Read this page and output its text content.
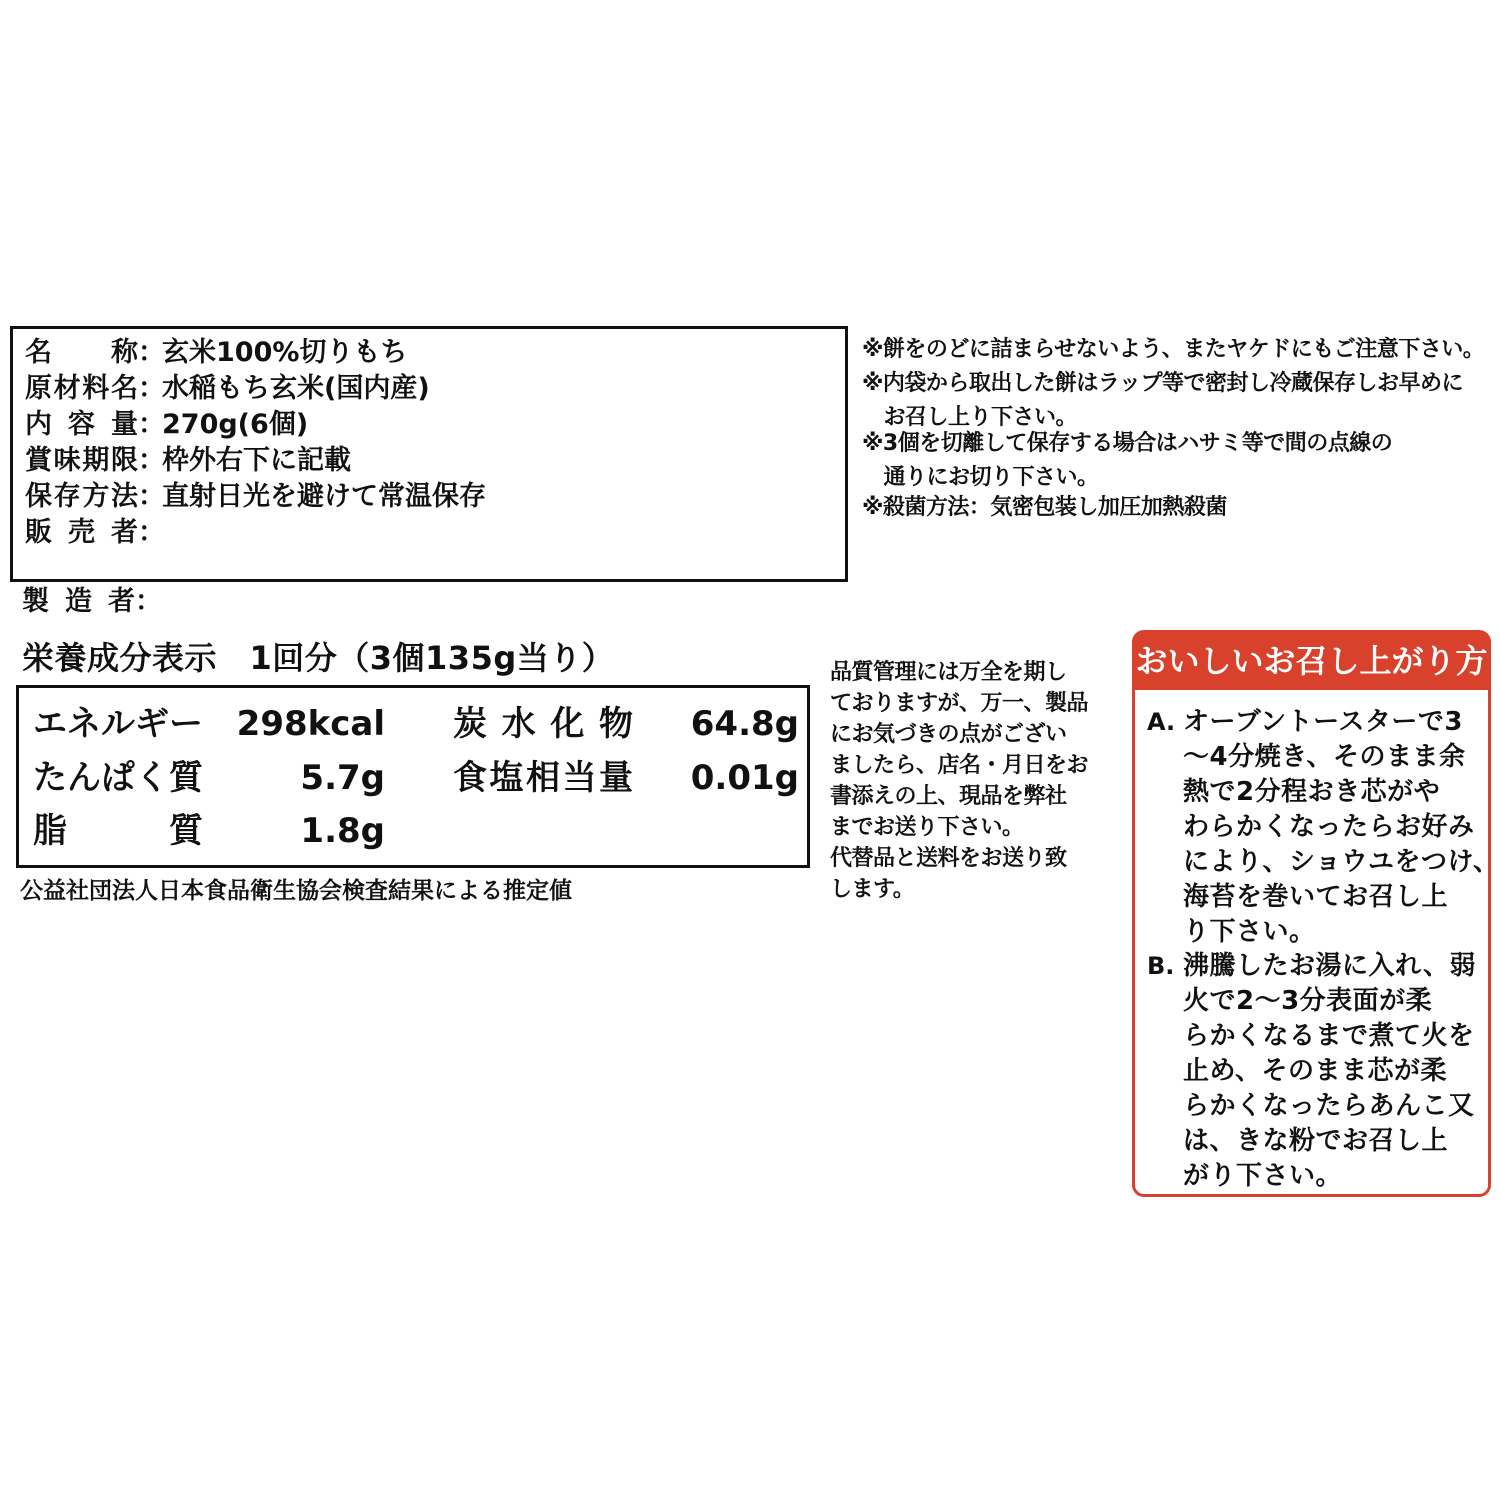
名　称：玄米100%切りもち
原材料名：水稲もち玄米(国内産)
内容量：270g(6個)
賞味期限：枠外右下に記載
保存方法：直射日光を避けて常温保存
販売者：
製造者：
※餅をのどに詰まらせないよう、またヤケドにもご注意下さい。
※内袋から取出した餅はラップ等で密封し冷蔵保存しお早めに
　お召し上り下さい。
※3個を切離して保存する場合はハサミ等で間の点線の
　通りにお切り下さい。
※殺菌方法：気密包装し加圧加熱殺菌
栄養成分表示　1回分（3個135g当り）
エネルギー 298kcal 炭水化物	64.8g
たんぱく質	5.7g 食塩相当量	0.01g
脂質	1.8g
公益社団法人日本食品衛生協会検査結果による推定値
品質管理には万全を期し
ておりますが、万一、製品
にお気づきの点がござい
ましたら、店名・月日をお
書添えの上、現品を弊社
までお送り下さい。
代替品と送料をお送り致
します。
おいしいお召し上がり方
A. オーブントースターで3
～4分焼き、そのまま余
熱で2分程おき芯がや
わらかくなったらお好み
により、ショウユをつけ、
海苔を巻いてお召し上
り下さい。
B. 沸騰したお湯に入れ、弱
火で2～3分表面が柔
らかくなるまで煮て火を
止め、そのまま芯が柔
らかくなったらあんこ又
は、きな粉でお召し上
がり下さい。
